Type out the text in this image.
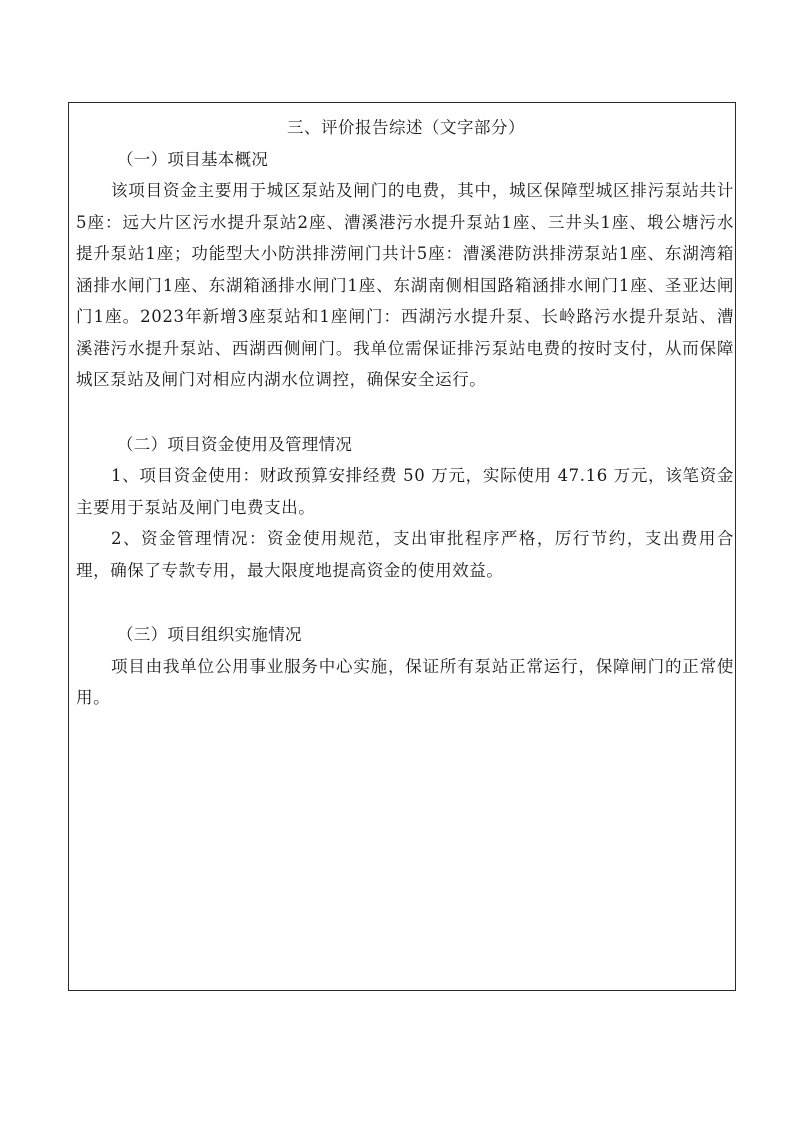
三、评价报告综述（文字部分）

（一）项目基本概况

该项目资金主要用于城区泵站及闸门的电费，其中，城区保障型城区排污泵站共计5座：远大片区污水提升泵站2座、漕溪港污水提升泵站1座、三井头1座、塅公塘污水提升泵站1座；功能型大小防洪排涝闸门共计5座：漕溪港防洪排涝泵站1座、东湖湾箱涵排水闸门1座、东湖箱涵排水闸门1座、东湖南侧相国路箱涵排水闸门1座、圣亚达闸门1座。2023年新增3座泵站和1座闸门：西湖污水提升泵、长岭路污水提升泵站、漕溪港污水提升泵站、西湖西侧闸门。我单位需保证排污泵站电费的按时支付，从而保障城区泵站及闸门对相应内湖水位调控，确保安全运行。

（二）项目资金使用及管理情况

1、项目资金使用：财政预算安排经费 50 万元，实际使用 47.16 万元，该笔资金主要用于泵站及闸门电费支出。

2、资金管理情况：资金使用规范，支出审批程序严格，厉行节约，支出费用合理，确保了专款专用，最大限度地提高资金的使用效益。

（三）项目组织实施情况

项目由我单位公用事业服务中心实施，保证所有泵站正常运行，保障闸门的正常使用。
